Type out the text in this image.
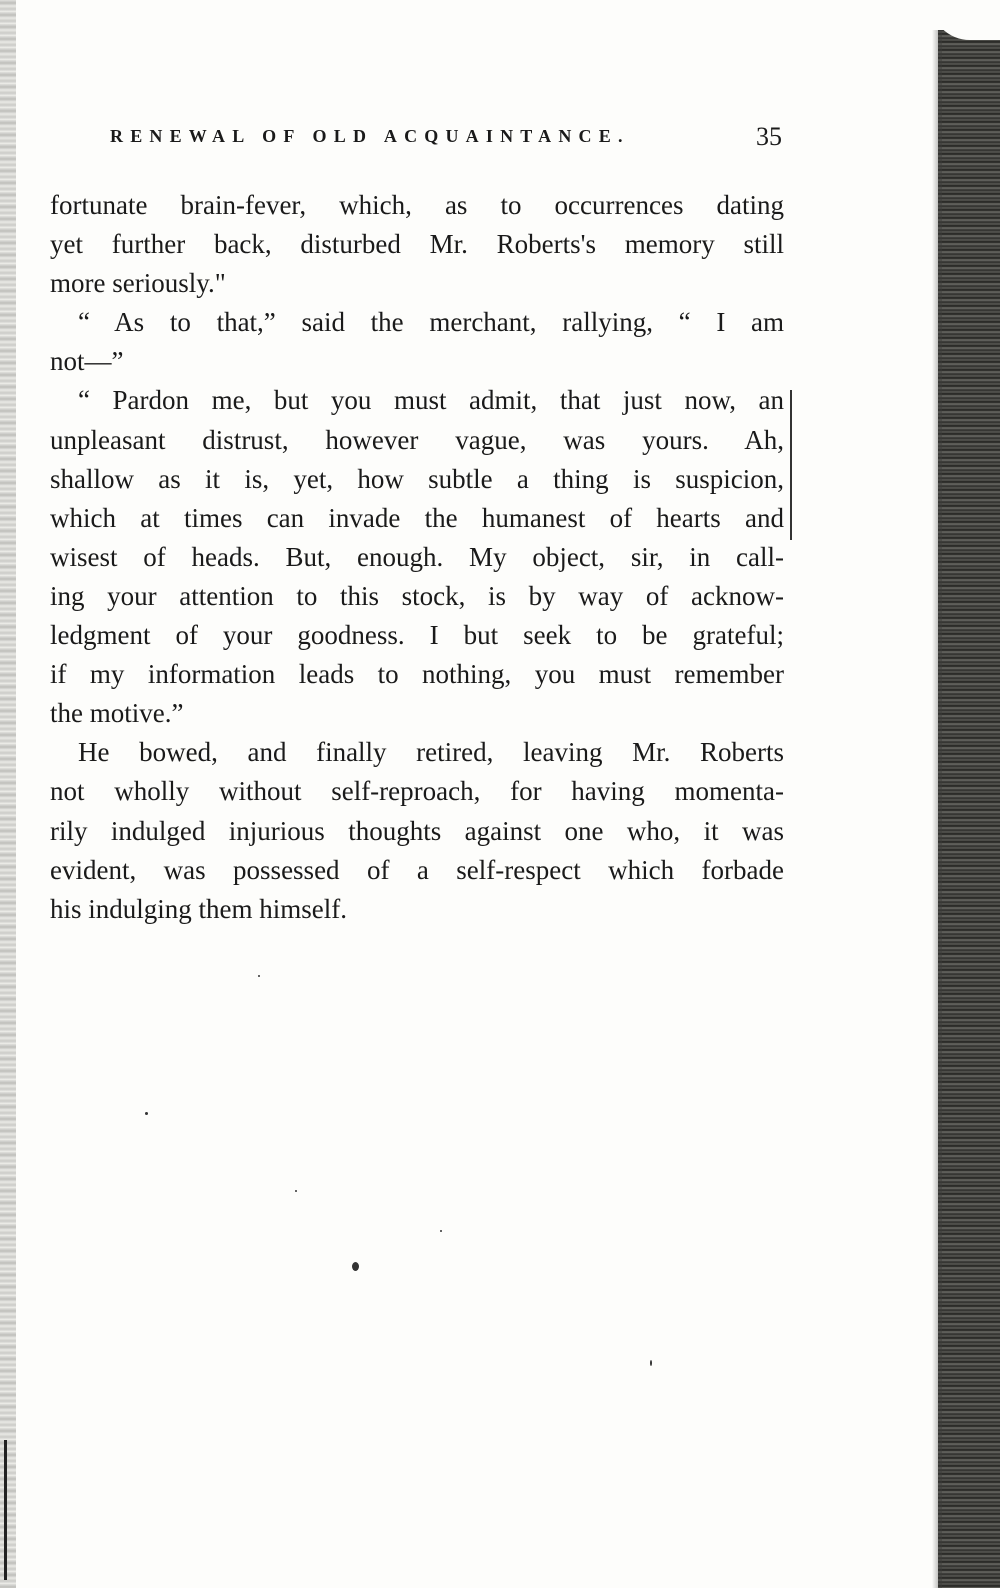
RENEWAL OF OLD ACQUAINTANCE.	35
fortunate brain-fever, which, as to occurrences dating
yet further back, disturbed Mr. Roberts's memory still
more seriously."
“ As to that,” said the merchant, rallying, “ I am
not—”
“ Pardon me, but you must admit, that just now, an
unpleasant distrust, however vague, was yours. Ah,
shallow as it is, yet, how subtle a thing is suspicion,
which at times can invade the humanest of hearts and
wisest of heads. But, enough. My object, sir, in call-
ing your attention to this stock, is by way of acknow-
ledgment of your goodness. I but seek to be grateful;
if my information leads to nothing, you must remember
the motive.”
He bowed, and finally retired, leaving Mr. Roberts
not wholly without self-reproach, for having momenta-
rily indulged injurious thoughts against one who, it was
evident, was possessed of a self-respect which forbade
his indulging them himself.
